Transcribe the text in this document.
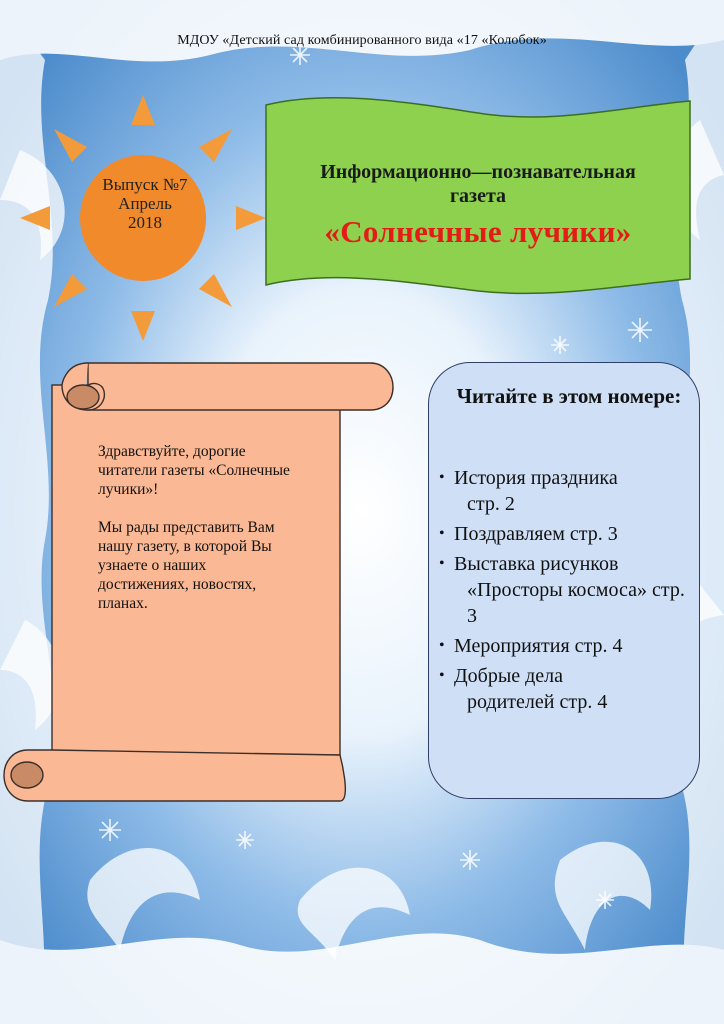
МДОУ «Детский сад комбинированного вида «17 «Колобок»
Выпуск №7
Апрель
2018
Информационно—познавательная
газета
«Солнечные лучики»

Здравствуйте, дорогие читатели газеты «Солнечные лучики»!

Мы рады представить Вам нашу газету, в которой Вы узнаете о наших достижениях, новостях, планах.

Читайте в этом номере:
• История праздника
стр. 2
• Поздравляем стр. 3
• Выставка рисунков
«Просторы космоса» стр. 3
• Мероприятия стр. 4
• Добрые дела
родителей стр. 4
